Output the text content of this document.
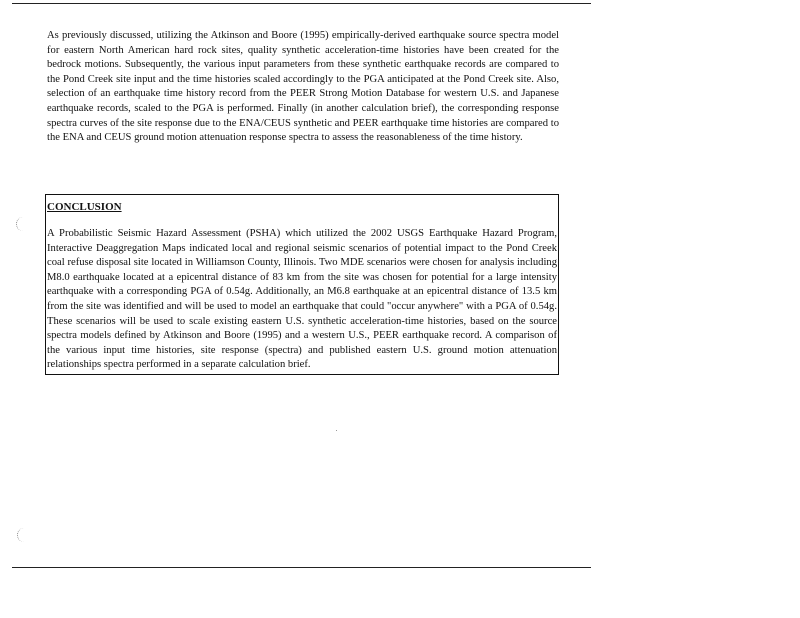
As previously discussed, utilizing the Atkinson and Boore (1995) empirically-derived earthquake source spectra model for eastern North American hard rock sites, quality synthetic acceleration-time histories have been created for the bedrock motions. Subsequently, the various input parameters from these synthetic earthquake records are compared to the Pond Creek site input and the time histories scaled accordingly to the PGA anticipated at the Pond Creek site. Also, selection of an earthquake time history record from the PEER Strong Motion Database for western U.S. and Japanese earthquake records, scaled to the PGA is performed. Finally (in another calculation brief), the corresponding response spectra curves of the site response due to the ENA/CEUS synthetic and PEER earthquake time histories are compared to the ENA and CEUS ground motion attenuation response spectra to assess the reasonableness of the time history.

CONCLUSION

A Probabilistic Seismic Hazard Assessment (PSHA) which utilized the 2002 USGS Earthquake Hazard Program, Interactive Deaggregation Maps indicated local and regional seismic scenarios of potential impact to the Pond Creek coal refuse disposal site located in Williamson County, Illinois. Two MDE scenarios were chosen for analysis including M8.0 earthquake located at a epicentral distance of 83 km from the site was chosen for potential for a large intensity earthquake with a corresponding PGA of 0.54g. Additionally, an M6.8 earthquake at an epicentral distance of 13.5 km from the site was identified and will be used to model an earthquake that could "occur anywhere" with a PGA of 0.54g. These scenarios will be used to scale existing eastern U.S. synthetic acceleration-time histories, based on the source spectra models defined by Atkinson and Boore (1995) and a western U.S., PEER earthquake record. A comparison of the various input time histories, site response (spectra) and published eastern U.S. ground motion attenuation relationships spectra performed in a separate calculation brief.
